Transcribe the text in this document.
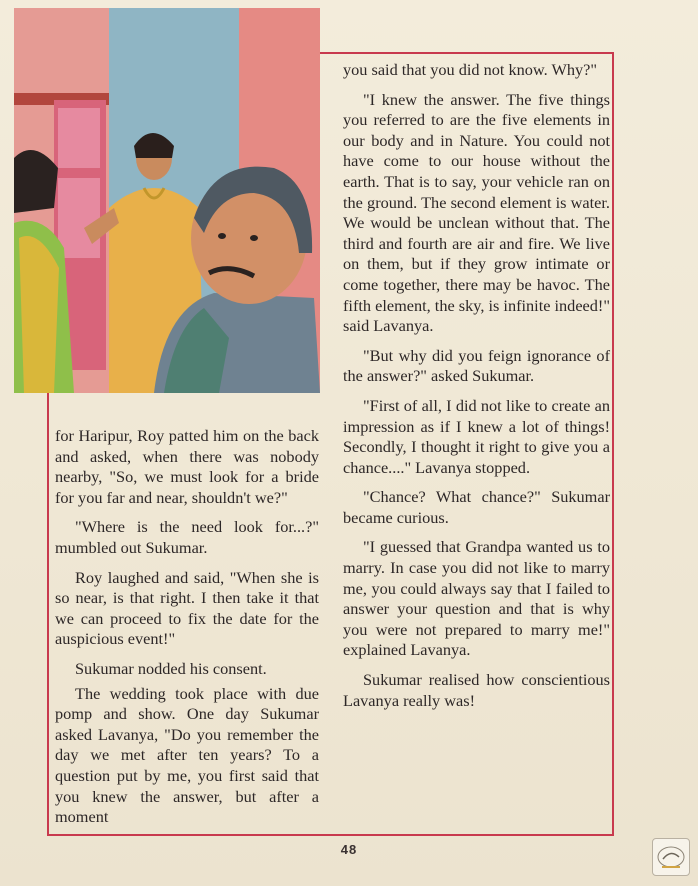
you said that you did not know. Why?"

"I knew the answer. The five things you referred to are the five elements in our body and in Nature. You could not have come to our house without the earth. That is to say, your vehicle ran on the ground. The second element is water. We would be unclean without that. The third and fourth are air and fire. We live on them, but if they grow intimate or come together, there may be havoc. The fifth element, the sky, is infinite indeed!" said Lavanya.

"But why did you feign ignorance of the answer?" asked Sukumar.

"First of all, I did not like to create an impression as if I knew a lot of things! Secondly, I thought it right to give you a chance...." Lavanya stopped.

"Chance? What chance?" Sukumar became curious.

"I guessed that Grandpa wanted us to marry. In case you did not like to marry me, you could always say that I failed to answer your question and that is why you were not prepared to marry me!" explained Lavanya.

Sukumar realised how conscientious Lavanya really was!

for Haripur, Roy patted him on the back and asked, when there was nobody nearby, "So, we must look for a bride for you far and near, shouldn't we?"

"Where is the need look for...?" mumbled out Sukumar.

Roy laughed and said, "When she is so near, is that right. I then take it that we can proceed to fix the date for the auspicious event!"

Sukumar nodded his consent.

The wedding took place with due pomp and show. One day Sukumar asked Lavanya, "Do you remember the day we met after ten years? To a question put by me, you first said that you knew the answer, but after a moment

48
